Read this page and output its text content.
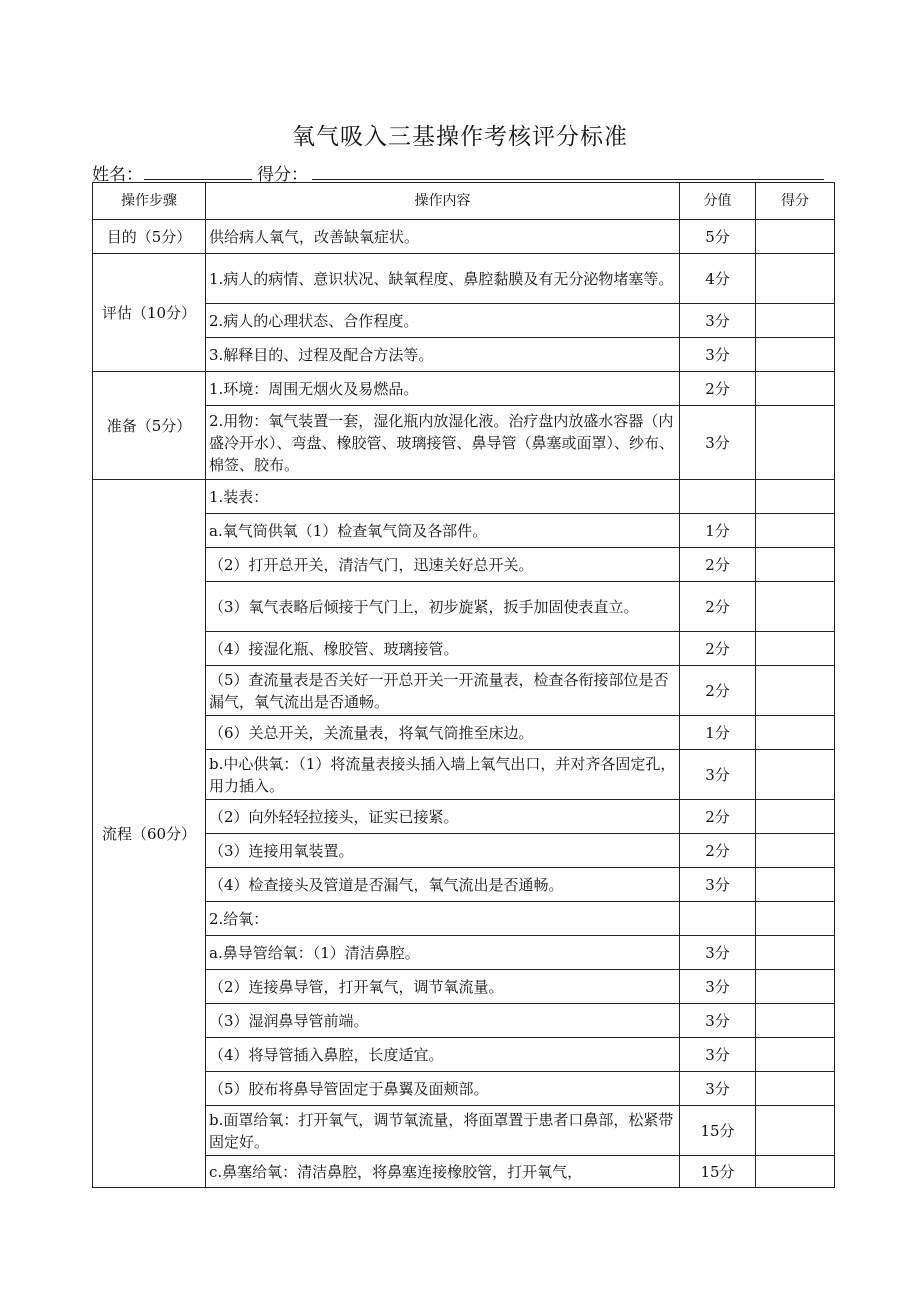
氧气吸入三基操作考核评分标准
姓名：	得分：
操作步骤	操作内容	分值	得分
目的（5分）	供给病人氧气，改善缺氧症状。	5分	
评估（10分）	1.病人的病情、意识状况、缺氧程度、鼻腔黏膜及有无分泌物堵塞等。	4分	
	2.病人的心理状态、合作程度。	3分	
	3.解释目的、过程及配合方法等。	3分	
准备（5分）	1.环境：周围无烟火及易燃品。	2分	
	2.用物：氧气装置一套，湿化瓶内放湿化液。治疗盘内放盛水容器（内盛冷开水）、弯盘、橡胶管、玻璃接管、鼻导管（鼻塞或面罩）、纱布、棉签、胶布。	3分	
流程（60分）	1.装表：		
	a.氧气筒供氧（1）检查氧气筒及各部件。	1分	
	（2）打开总开关，清洁气门，迅速关好总开关。	2分	
	（3）氧气表略后倾接于气门上，初步旋紧，扳手加固使表直立。	2分	
	（4）接湿化瓶、橡胶管、玻璃接管。	2分	
	（5）查流量表是否关好一开总开关一开流量表，检查各衔接部位是否漏气，氧气流出是否通畅。	2分	
	（6）关总开关，关流量表，将氧气筒推至床边。	1分	
	b.中心供氧：（1）将流量表接头插入墙上氧气出口，并对齐各固定孔，用力插入。	3分	
	（2）向外轻轻拉接头，证实已接紧。	2分	
	（3）连接用氧装置。	2分	
	（4）检查接头及管道是否漏气，氧气流出是否通畅。	3分	
	2.给氧：		
	a.鼻导管给氧：（1）清洁鼻腔。	3分	
	（2）连接鼻导管，打开氧气，调节氧流量。	3分	
	（3）湿润鼻导管前端。	3分	
	（4）将导管插入鼻腔，长度适宜。	3分	
	（5）胶布将鼻导管固定于鼻翼及面颊部。	3分	
	b.面罩给氧：打开氧气，调节氧流量，将面罩置于患者口鼻部，松紧带固定好。	15分	
	c.鼻塞给氧：清洁鼻腔，将鼻塞连接橡胶管，打开氧气，	15分	
